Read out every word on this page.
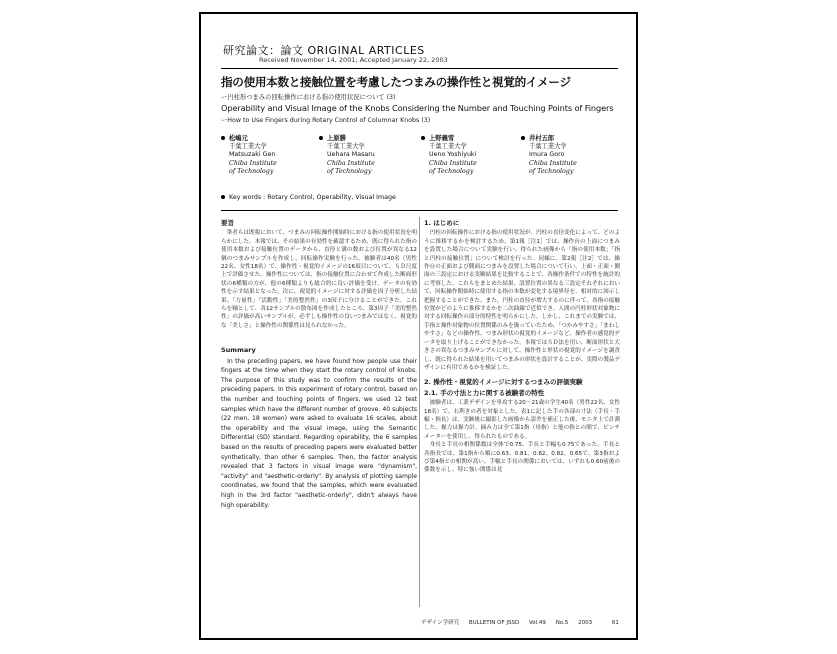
研究論文：論文 ORIGINAL ARTICLES
Received November 14, 2001; Accepted January 22, 2003
指の使用本数と接触位置を考慮したつまみの操作性と視覚的イメージ
ー円柱形つまみの回転操作における指の使用状況について (3)
Operability and Visual Image of the Knobs Considering the Number and Touching Points of Fingers
ーHow to Use Fingers during Rotary Control of Columnar Knobs (3)
松嶋元
千葉工業大学
Matsuzaki Gen
Chiba Institute
of Technology
上原勝
千葉工業大学
Uehara Masaru
Chiba Institute
of Technology
上野義雪
千葉工業大学
Ueno Yoshiyuki
Chiba Institute
of Technology
井村五郎
千葉工業大学
Imura Goro
Chiba Institute
of Technology
Key words : Rotary Control, Operability, Visual Image
要旨

筆者らは既報において、つまみの回転操作開始時における指の使用状況を明らかにした。本報では、その結果の有効性を確認するため、既に得られた指の使用本数および接触位置のデータから、直径と溝の数および位置が異なる12個のつまみサンプルを作成し、回転操作実験を行った。被験者は40名（男性22名、女性18名）で、操作性・視覚的イメージの16項目について、ＳＤ尺度上で評価させた。操作性については、指の接触位置に合わせて作成した断面形状の6種類の方が、他の6種類よりも総合的に良い評価を受け、データの有効性を示す結果となった。次に、視覚的イメージに対する評価を因子分析した結果、「力量性」「活動性」「美的整然性」の3因子に分けることができた。これらを軸として、各12サンプルの散布図を作成したところ、第3因子「美的整然性」の評価が高いサンプルが、必ずしも操作性の良いつまみではなく、視覚的な「美しさ」と操作性の関係性は見られなかった。

Summary

In the preceding papers, we have found how people use their fingers at the time when they start the rotary control of knobs. The purpose of this study was to confirm the results of the preceding papers. In this experiment of rotary control, based on the number and touching points of fingers, we used 12 test samples which have the different number of groove. 40 subjects (22 men, 18 women) were asked to evaluate 16 scales, about the operability and the visual image, using the Semantic Differential (SD) standard. Regarding operability, the 6 samples based on the results of preceding papers were evaluated better synthetically, than other 6 samples. Then, the factor analysis revealed that 3 factors in visual image were "dynamism", "activity" and "aesthetic-orderly". By analysis of plotting sample coordinates, we found that the samples, which were evaluated high in the 3rd factor "aesthetic-orderly", didn't always have high operability.

1. はじめに

円柱の回転操作における指の使用状況が、円柱の直径変化によって、どのように推移するかを検討するため、第1報［注1］では、操作台の上面につまみを設置した場合について実験を行い、得られた画像から「指の使用本数」「指と円柱の接触位置」について検討を行った。同様に、第2報［注2］では、操作台の正面および側面につまみを設置した場合について行い、上面・正面・側面の三設定における実験結果を比較することで、各操作条件での特性を統計的に考察した。これらをまとめた結果、設置位置の異なる三設定それぞれにおいて、回転操作開始時に使用する指の本数が変化する境界径を、相対的に図示し把握することができた。また、円柱の直径が増大するのに伴って、各指の接触位置がどのように推移するかを二次曲線で近似でき、人間の円柱形状対象物に対する回転操作の部分的特性を明らかにした。しかし、これまでの実験では、手指と操作対象物の位置関係のみを扱っていたため、「つかみやすさ」「まわしやすさ」などの操作性、つまみ形状の視覚的イメージなど、操作者の感覚的データを取り上げることができなかった。本報ではＳＤ法を用い、断面形状と大きさの異なるつまみサンプルに対して、操作性と形状の視覚的イメージを調査し、既に得られた結果を用いてつまみの形状を設計することが、実際の製品デザインに有用であるかを検証した。

2. 操作性・視覚的イメージに対するつまみの評価実験
2.1. 手の寸法と力に関する被験者の特性

被験者は、工業デザインを専攻する20〜21歳の学生40名（男性22名、女性18名）で、右利きの者を対象とした。表1に記した手の各部の寸法（手長・手幅・指長）は、実験後に撮影した画像から誤差を補正した後、モニタ上で計測した。握力は握力計、摘み力は全て第1指（母指）と他の指との間で、ピンチメーターを使用し、得られたものである。

身長と手長の相関係数は全体で0.75、手長と手幅も0.75であった。手長と各指長では、第1指から順に0.63、0.81、0.82、0.82、0.65で、第3指および第4指との相関が高い。手幅と手長の関係においては、いずれも0.60前後の係数を示し、特に強い関係は見

デザイン学研究 BULLETIN OF JSSD Vol.49 No.5 2003	61
